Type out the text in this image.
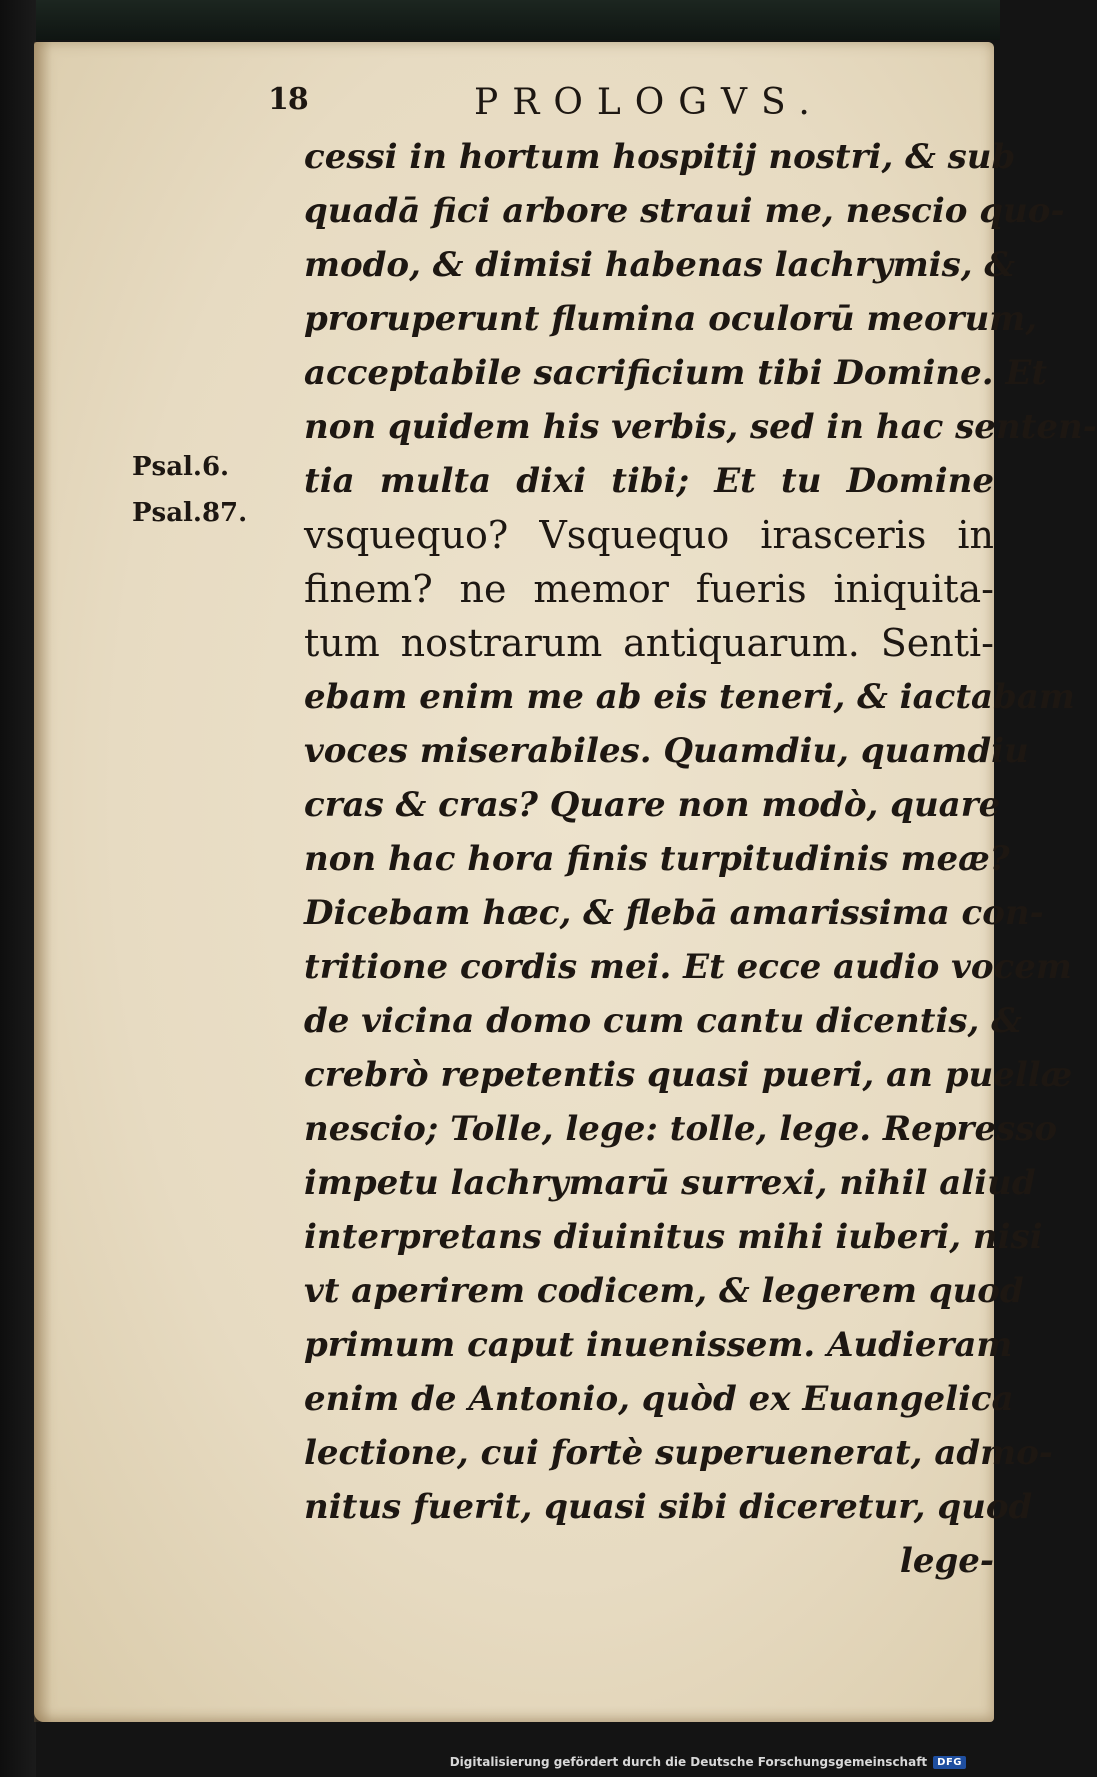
18	PROLOGVS.
Psal.6.
Psal.87.
cessi in hortum hospitij nostri, & sub
quadā fici arbore straui me, nescio quo-
modo, & dimisi habenas lachrymis, &
proruperunt flumina oculorū meorum,
acceptabile sacrificium tibi Domine. Et
non quidem his verbis, sed in hac senten-
tia multa dixi tibi; Et tu Domine
vsquequo? Vsquequo irasceris in
finem? ne memor fueris iniquita-
tum nostrarum antiquarum. Senti-
ebam enim me ab eis teneri, & iactabam
voces miserabiles. Quamdiu, quamdiu
cras & cras? Quare non modò, quare
non hac hora finis turpitudinis meæ?
Dicebam hæc, & flebā amarissima con-
tritione cordis mei. Et ecce audio vocem
de vicina domo cum cantu dicentis, &
crebrò repetentis quasi pueri, an puellæ
nescio; Tolle, lege: tolle, lege. Represso
impetu lachrymarū surrexi, nihil aliud
interpretans diuinitus mihi iuberi, nisi
vt aperirem codicem, & legerem quod
primum caput inuenissem. Audieram
enim de Antonio, quòd ex Euangelica
lectione, cui fortè superuenerat, admo-
nitus fuerit, quasi sibi diceretur, quod
lege-
Digitalisierung gefördert durch die Deutsche Forschungsgemeinschaft	DFG
